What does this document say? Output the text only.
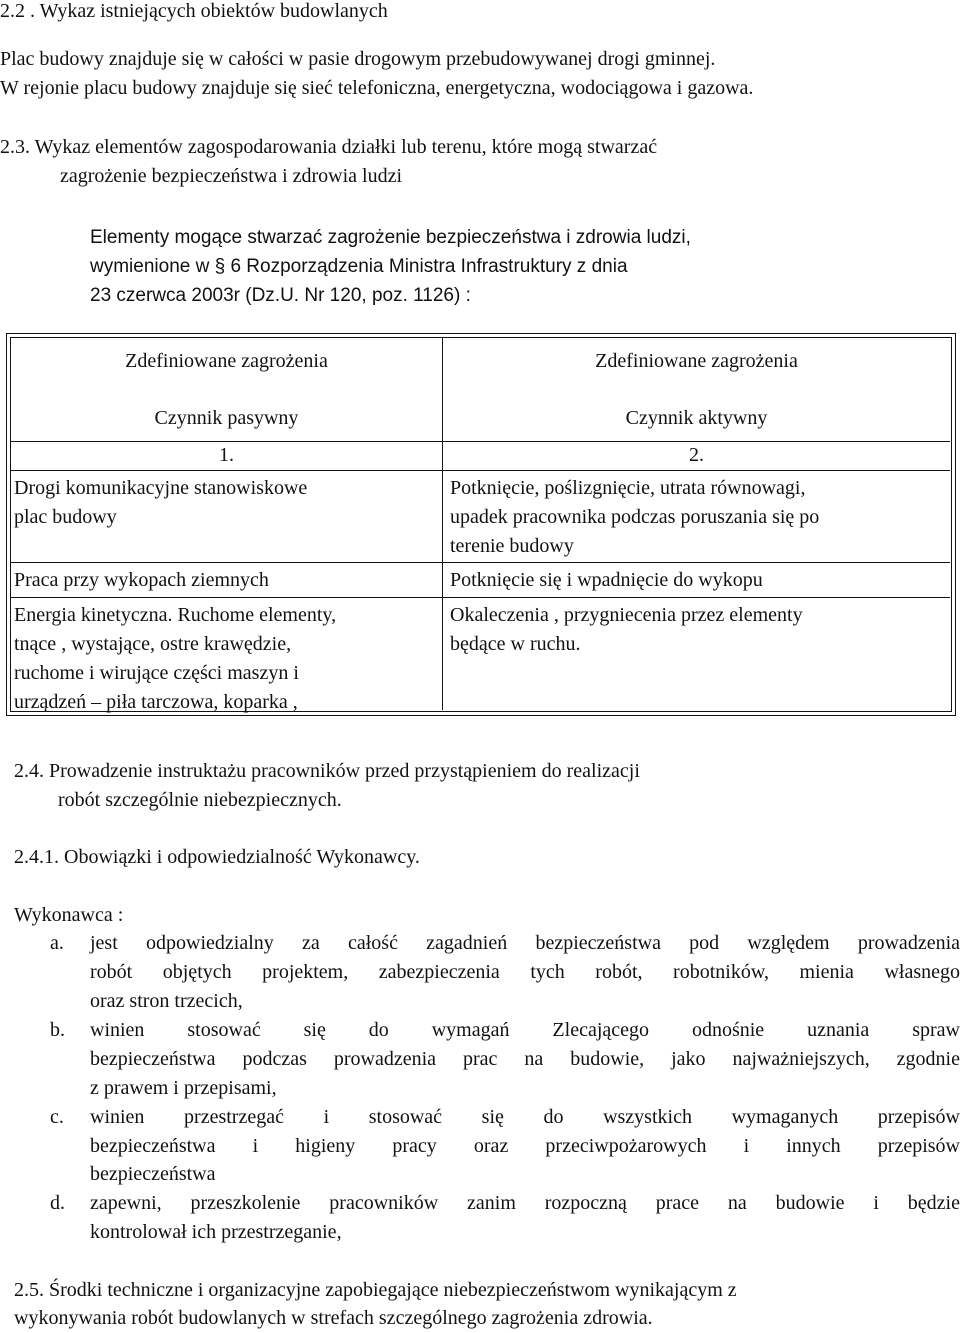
2.2 . Wykaz istniejących obiektów budowlanych
Plac budowy znajduje się w całości w pasie drogowym przebudowywanej drogi gminnej.
W rejonie placu budowy znajduje się sieć telefoniczna, energetyczna, wodociągowa i gazowa.
2.3. Wykaz elementów zagospodarowania działki lub terenu, które mogą stwarzać
zagrożenie bezpieczeństwa i zdrowia ludzi
Elementy mogące stwarzać zagrożenie bezpieczeństwa i zdrowia ludzi,
wymienione w § 6 Rozporządzenia Ministra Infrastruktury z dnia
23 czerwca 2003r (Dz.U. Nr 120, poz. 1126) :
Zdefiniowane zagrożenia
Czynnik pasywny
Zdefiniowane zagrożenia
Czynnik aktywny
1.	2.
Drogi komunikacyjne stanowiskowe
plac budowy
Potknięcie, poślizgnięcie, utrata równowagi,
upadek pracownika podczas poruszania się po
terenie budowy
Praca przy wykopach ziemnych	Potknięcie się i wpadnięcie do wykopu
Energia kinetyczna. Ruchome elementy,
tnące , wystające, ostre krawędzie,
ruchome i wirujące części maszyn i
urządzeń – piła tarczowa, koparka ,
Okaleczenia , przygniecenia przez elementy
będące w ruchu.
2.4. Prowadzenie instruktażu pracowników przed przystąpieniem do realizacji
robót szczególnie niebezpiecznych.
2.4.1. Obowiązki i odpowiedzialność Wykonawcy.
Wykonawca :
a. jest odpowiedzialny za całość zagadnień bezpieczeństwa pod względem prowadzenia
robót objętych projektem, zabezpieczenia tych robót, robotników, mienia własnego
oraz stron trzecich,
b. winien stosować się do wymagań Zlecającego odnośnie uznania spraw
bezpieczeństwa podczas prowadzenia prac na budowie, jako najważniejszych, zgodnie
z prawem i przepisami,
c. winien przestrzegać i stosować się do wszystkich wymaganych przepisów
bezpieczeństwa i higieny pracy oraz przeciwpożarowych i innych przepisów
bezpieczeństwa
d. zapewni, przeszkolenie pracowników zanim rozpoczną prace na budowie i będzie
kontrolował ich przestrzeganie,
2.5. Środki techniczne i organizacyjne zapobiegające niebezpieczeństwom wynikającym z
wykonywania robót budowlanych w strefach szczególnego zagrożenia zdrowia.
